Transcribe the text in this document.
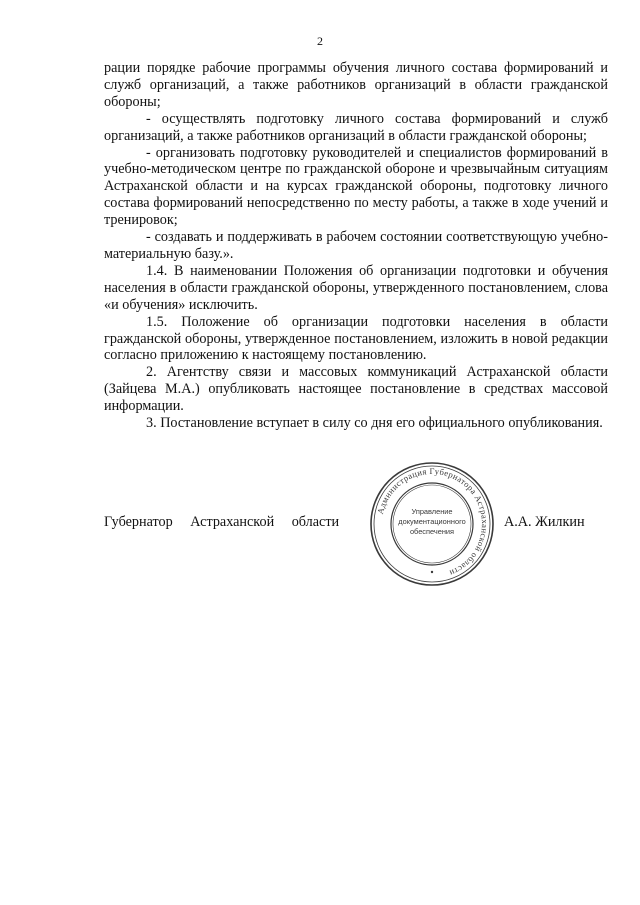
2

рации порядке рабочие программы обучения личного состава формирований и служб организаций, а также работников организаций в области гражданской обороны;

- осуществлять подготовку личного состава формирований и служб организаций, а также работников организаций в области гражданской обороны;

- организовать подготовку руководителей и специалистов формирований в учебно-методическом центре по гражданской обороне и чрезвычайным ситуациям Астраханской области и на курсах гражданской обороны, подготовку личного состава формирований непосредственно по месту работы, а также в ходе учений и тренировок;

- создавать и поддерживать в рабочем состоянии соответствующую учебно-материальную базу.».

1.4. В наименовании Положения об организации подготовки и обучения населения в области гражданской обороны, утвержденного постановлением, слова «и обучения» исключить.

1.5. Положение об организации подготовки населения в области гражданской обороны, утвержденное постановлением, изложить в новой редакции согласно приложению к настоящему постановлению.

2. Агентству связи и массовых коммуникаций Астраханской области (Зайцева М.А.) опубликовать настоящее постановление в средствах массовой информации.

3. Постановление вступает в силу со дня его официального опубликования.

Губернатор Астраханской области	А.А. Жилкин
Администрация Губернатора Астраханской области
Управление
документационного
обеспечения
